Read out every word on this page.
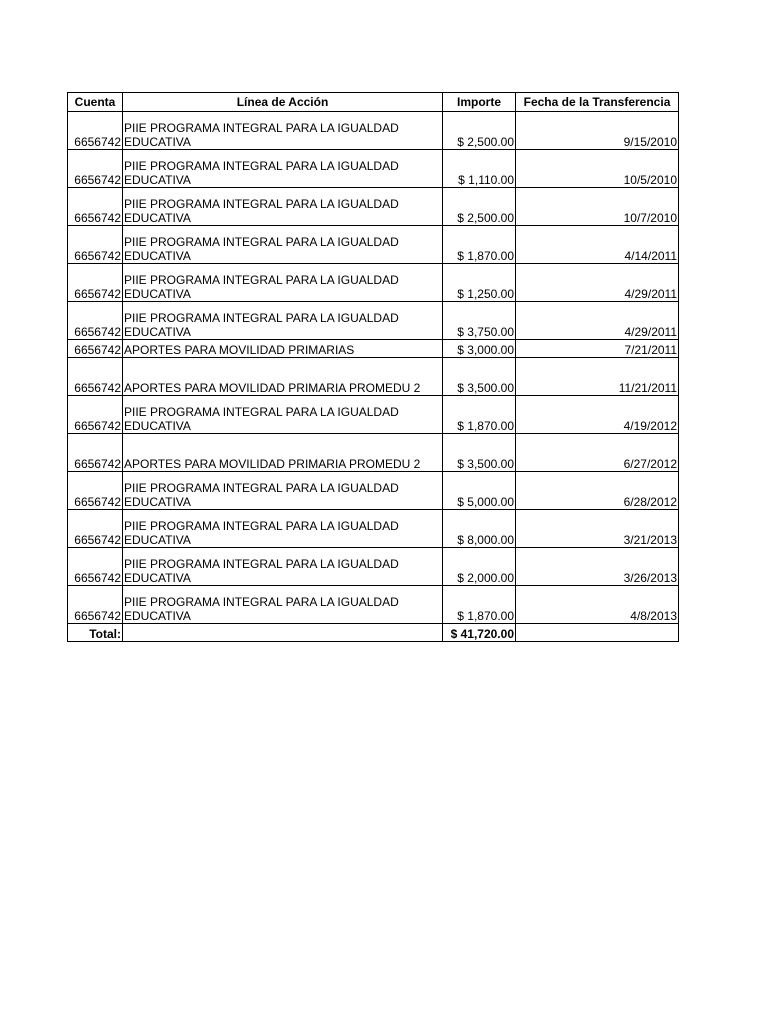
Cuenta	Línea de Acción	Importe	Fecha de la Transferencia
6656742	PIIE PROGRAMA INTEGRAL PARA LA IGUALDAD EDUCATIVA	$ 2,500.00	9/15/2010
6656742	PIIE PROGRAMA INTEGRAL PARA LA IGUALDAD EDUCATIVA	$ 1,110.00	10/5/2010
6656742	PIIE PROGRAMA INTEGRAL PARA LA IGUALDAD EDUCATIVA	$ 2,500.00	10/7/2010
6656742	PIIE PROGRAMA INTEGRAL PARA LA IGUALDAD EDUCATIVA	$ 1,870.00	4/14/2011
6656742	PIIE PROGRAMA INTEGRAL PARA LA IGUALDAD EDUCATIVA	$ 1,250.00	4/29/2011
6656742	PIIE PROGRAMA INTEGRAL PARA LA IGUALDAD EDUCATIVA	$ 3,750.00	4/29/2011
6656742	APORTES PARA MOVILIDAD PRIMARIAS	$ 3,000.00	7/21/2011
6656742	APORTES PARA MOVILIDAD PRIMARIA PROMEDU 2	$ 3,500.00	11/21/2011
6656742	PIIE PROGRAMA INTEGRAL PARA LA IGUALDAD EDUCATIVA	$ 1,870.00	4/19/2012
6656742	APORTES PARA MOVILIDAD PRIMARIA PROMEDU 2	$ 3,500.00	6/27/2012
6656742	PIIE PROGRAMA INTEGRAL PARA LA IGUALDAD EDUCATIVA	$ 5,000.00	6/28/2012
6656742	PIIE PROGRAMA INTEGRAL PARA LA IGUALDAD EDUCATIVA	$ 8,000.00	3/21/2013
6656742	PIIE PROGRAMA INTEGRAL PARA LA IGUALDAD EDUCATIVA	$ 2,000.00	3/26/2013
6656742	PIIE PROGRAMA INTEGRAL PARA LA IGUALDAD EDUCATIVA	$ 1,870.00	4/8/2013
Total:		$ 41,720.00	
